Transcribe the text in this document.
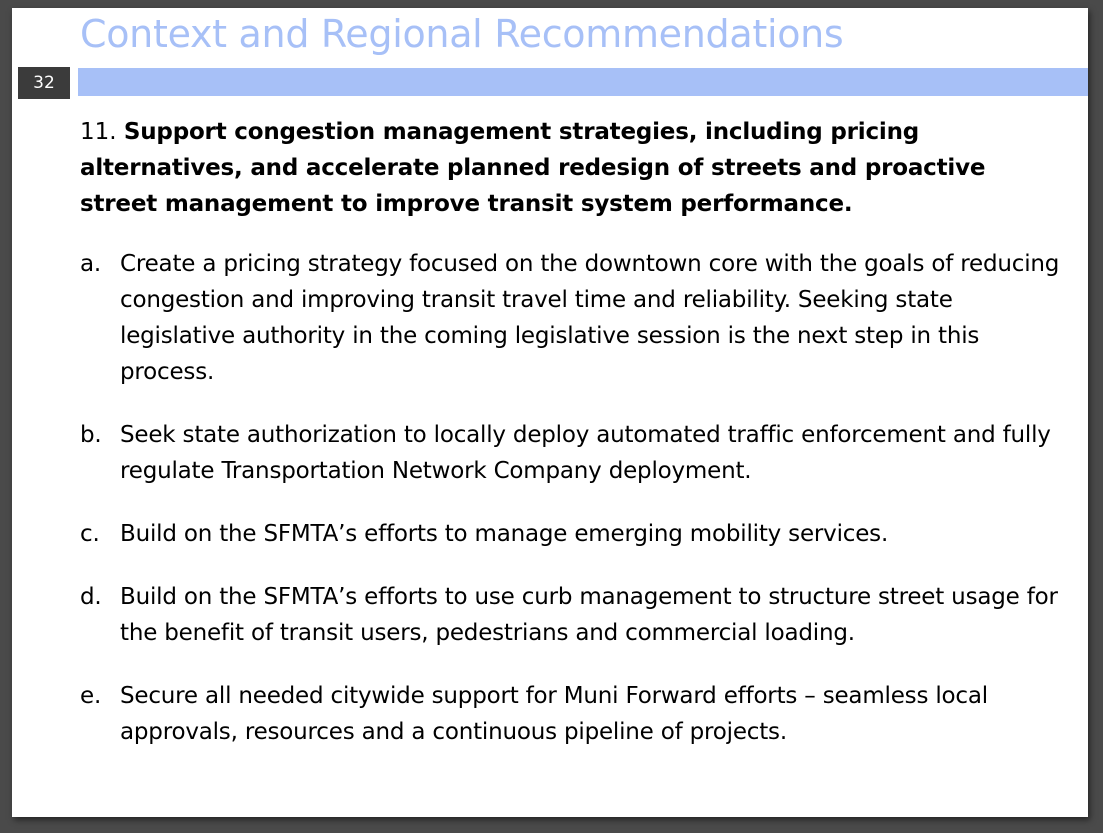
Context and Regional Recommendations
32
11. Support congestion management strategies, including pricing alternatives, and accelerate planned redesign of streets and proactive street management to improve transit system performance.
a. Create a pricing strategy focused on the downtown core with the goals of reducing congestion and improving transit travel time and reliability. Seeking state legislative authority in the coming legislative session is the next step in this process.
b. Seek state authorization to locally deploy automated traffic enforcement and fully regulate Transportation Network Company deployment.
c. Build on the SFMTA’s efforts to manage emerging mobility services.
d. Build on the SFMTA’s efforts to use curb management to structure street usage for the benefit of transit users, pedestrians and commercial loading.
e. Secure all needed citywide support for Muni Forward efforts – seamless local approvals, resources and a continuous pipeline of projects.
